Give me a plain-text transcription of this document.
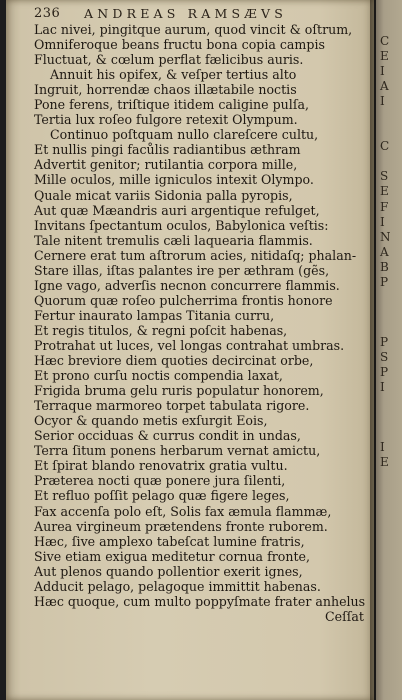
236 ANDREAS RAMSÆVS
Lac nivei, pingitque aurum, quod vincit & oſtrum,
Omniferoque beans fructu bona copia campis
Fluctuat, & cœlum perflat fælicibus auris.
Annuit his opifex, & veſper tertius alto
Ingruit, horrendæ chaos illætabile noctis
Pone ferens, triſtique itidem caligine pulſa,
Tertia lux roſeo fulgore retexit Olympum.
Continuo poſtquam nullo clareſcere cultu,
Et nullis pingi facůlis radiantibus æthram
Advertit genitor; rutilantia corpora mille,
Mille oculos, mille igniculos intexit Olympo.
Quale micat variis Sidonia palla pyropis,
Aut quæ Mæandris auri argentique refulget,
Invitans ſpectantum oculos, Babylonica veſtis:
Tale nitent tremulis cæli laquearia flammis.
Cernere erat tum aſtrorum acies, nitidaſq; phalan-
Stare illas, iſtas palantes ire per æthram (gẽs,
Igne vago, adverſis necnon concurrere flammis.
Quorum quæ roſeo pulcherrima frontis honore
Fertur inaurato lampas Titania curru,
Et regis titulos, & regni poſcit habenas,
Protrahat ut luces, vel longas contrahat umbras.
Hæc breviore diem quoties decircinat orbe,
Et prono curſu noctis compendia laxat,
Frigida bruma gelu ruris populatur honorem,
Terraque marmoreo torpet tabulata rigore.
Ocyor & quando metis exſurgit Eois,
Serior occiduas & currus condit in undas,
Terra ſitum ponens herbarum vernat amictu,
Et ſpirat blando renovatrix gratia vultu.
Præterea nocti quæ ponere jura ſilenti,
Et refluo poſſit pelago quæ figere leges,
Fax accenſa polo eſt, Solis fax æmula flammæ,
Aurea virgineum prætendens fronte ruborem.
Hæc, ſive amplexo tabeſcat lumine fratris,
Sive etiam exigua meditetur cornua fronte,
Aut plenos quando pollentior exerit ignes,
Adducit pelago, pelagoque immittit habenas.
Hæc quoque, cum multo poppyſmate frater anhelus
Ceſſat
C
E
I
A
I
C
S
E
F
I
N
A
B
P
P
S
P
I
I
E
